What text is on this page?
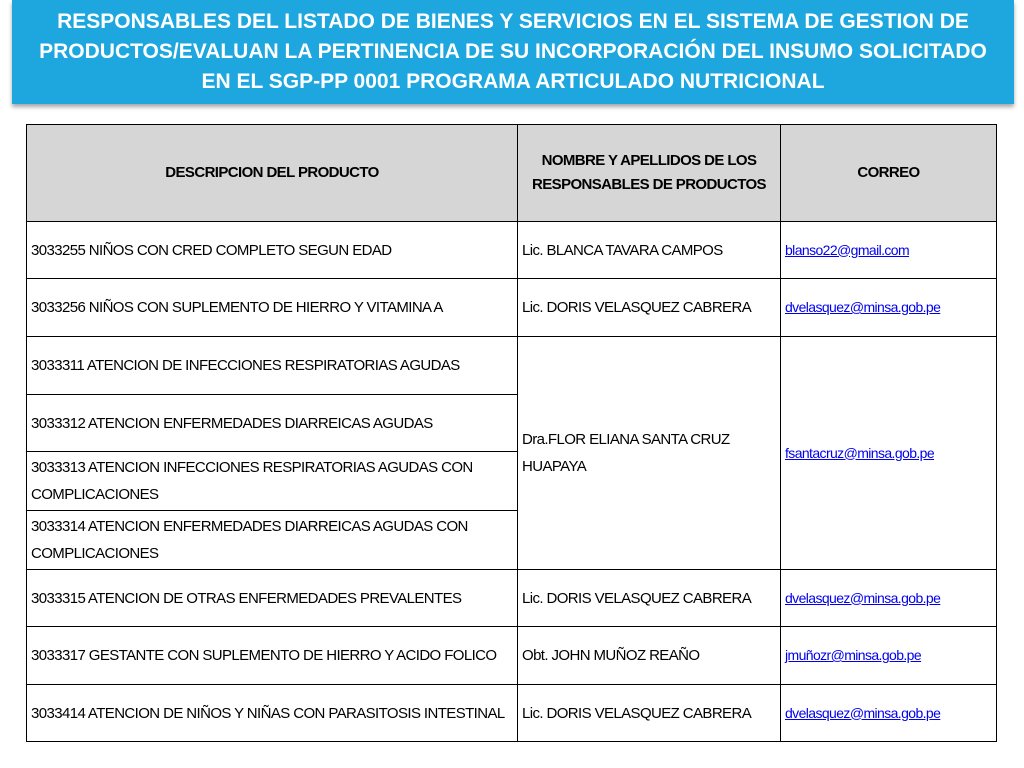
RESPONSABLES DEL LISTADO DE BIENES Y SERVICIOS EN EL SISTEMA DE GESTION DE PRODUCTOS/EVALUAN LA PERTINENCIA DE SU INCORPORACIÓN DEL INSUMO SOLICITADO EN EL SGP-PP 0001 PROGRAMA ARTICULADO NUTRICIONAL
DESCRIPCION DEL PRODUCTO	NOMBRE Y APELLIDOS DE LOS RESPONSABLES DE PRODUCTOS	CORREO
3033255 NIÑOS CON CRED COMPLETO SEGUN EDAD	Lic. BLANCA TAVARA CAMPOS	blanso22@gmail.com
3033256 NIÑOS CON SUPLEMENTO DE HIERRO Y VITAMINA A	Lic. DORIS VELASQUEZ CABRERA	dvelasquez@minsa.gob.pe
3033311 ATENCION DE INFECCIONES RESPIRATORIAS AGUDAS	Dra.FLOR ELIANA SANTA CRUZ HUAPAYA	fsantacruz@minsa.gob.pe
3033312 ATENCION ENFERMEDADES DIARREICAS AGUDAS		
3033313 ATENCION INFECCIONES RESPIRATORIAS AGUDAS CON COMPLICACIONES		
3033314 ATENCION ENFERMEDADES DIARREICAS AGUDAS CON COMPLICACIONES		
3033315 ATENCION DE OTRAS ENFERMEDADES PREVALENTES	Lic. DORIS VELASQUEZ CABRERA	dvelasquez@minsa.gob.pe
3033317 GESTANTE CON SUPLEMENTO DE HIERRO Y ACIDO FOLICO	Obt. JOHN MUÑOZ REAÑO	jmuñozr@minsa.gob.pe
3033414 ATENCION DE NIÑOS Y NIÑAS CON PARASITOSIS INTESTINAL	Lic. DORIS VELASQUEZ CABRERA	dvelasquez@minsa.gob.pe
